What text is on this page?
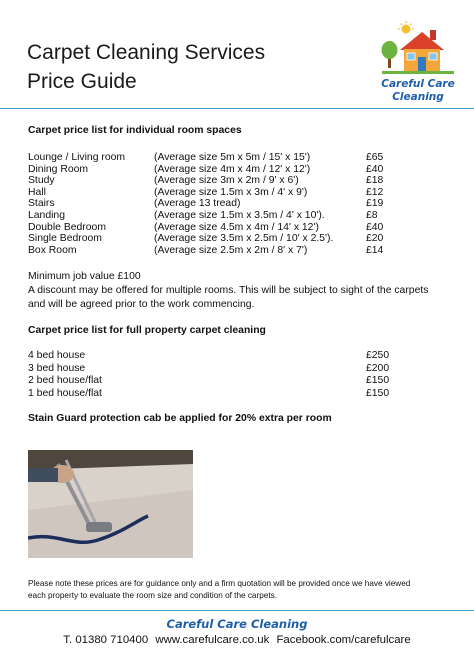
Carpet Cleaning Services
Price Guide	Careful Care
Cleaning
Carpet price list for individual room spaces
Lounge / Living room	(Average size 5m x 5m / 15' x 15')	£65
Dining Room	(Average size 4m x 4m / 12' x 12')	£40
Study	(Average size 3m x 2m / 9' x 6')	£18
Hall	(Average size 1.5m x 3m / 4' x 9')	£12
Stairs	(Average 13 tread)	£19
Landing	(Average size 1.5m x 3.5m / 4' x 10').	£8
Double Bedroom	(Average size 4.5m x 4m / 14' x 12')	£40
Single Bedroom	(Average size 3.5m x 2.5m / 10' x 2.5').	£20
Box Room	(Average size 2.5m x 2m / 8' x 7')	£14
Minimum job value £100
A discount may be offered for multiple rooms. This will be subject to sight of the carpets
and will be agreed prior to the work commencing.
Carpet price list for full property carpet cleaning
4 bed house	£250
3 bed house	£200
2 bed house/flat	£150
1 bed house/flat	£150
Stain Guard protection cab be applied for 20% extra per room
Please note these prices are for guidance only and a firm quotation will be provided once we have viewed
each property to evaluate the room size and condition of the carpets.
Careful Care Cleaning
T. 01380 710400 www.carefulcare.co.uk Facebook.com/carefulcare
